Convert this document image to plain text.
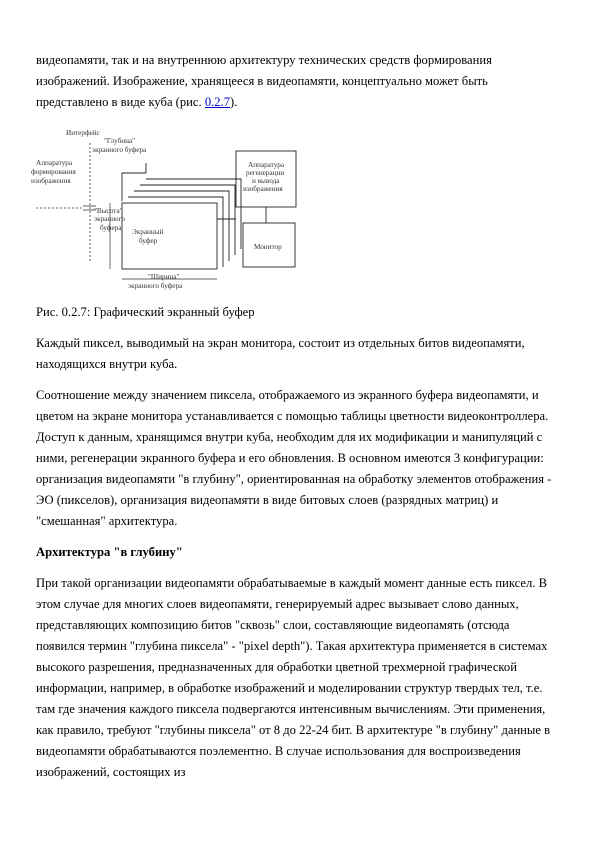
видеопамяти, так и на внутреннюю архитектуру технических средств формирования изображений. Изображение, хранящееся в видеопамяти, концептуально может быть представлено в виде куба (рис. 0.2.7).

Интерфейс
"Глубина"
экранного буфера
Аппаратура
формирования
изображения
"Высота"
экранного
буфера Экранный
буфер
"Ширина"
экранного буфера
Аппаратура
регенерации
и вывода
изображения
Монитор

Рис. 0.2.7: Графический экранный буфер

Каждый пиксел, выводимый на экран монитора, состоит из отдельных битов видеопамяти, находящихся внутри куба.

Соотношение между значением пиксела, отображаемого из экранного буфера видеопамяти, и цветом на экране монитора устанавливается с помощью таблицы цветности видеоконтроллера. Доступ к данным, хранящимся внутри куба, необходим для их модификации и манипуляций с ними, регенерации экранного буфера и его обновления. В основном имеются 3 конфигурации: организация видеопамяти "в глубину", ориентированная на обработку элементов отображения - ЭО (пикселов), организация видеопамяти в виде битовых слоев (разрядных матриц) и "смешанная" архитектура.

Архитектура "в глубину"

При такой организации видеопамяти обрабатываемые в каждый момент данные есть пиксел. В этом случае для многих слоев видеопамяти, генерируемый адрес вызывает слово данных, представляющих композицию битов "сквозь" слои, составляющие видеопамять (отсюда появился термин "глубина пиксела" - "pixel depth"). Такая архитектура применяется в системах высокого разрешения, предназначенных для обработки цветной трехмерной графической информации, например, в обработке изображений и моделировании структур твердых тел, т.е. там где значения каждого пиксела подвергаются интенсивным вычислениям. Эти применения, как правило, требуют "глубины пиксела" от 8 до 22-24 бит. В архитектуре "в глубину" данные в видеопамяти обрабатываются поэлементно. В случае использования для воспроизведения изображений, состоящих из
